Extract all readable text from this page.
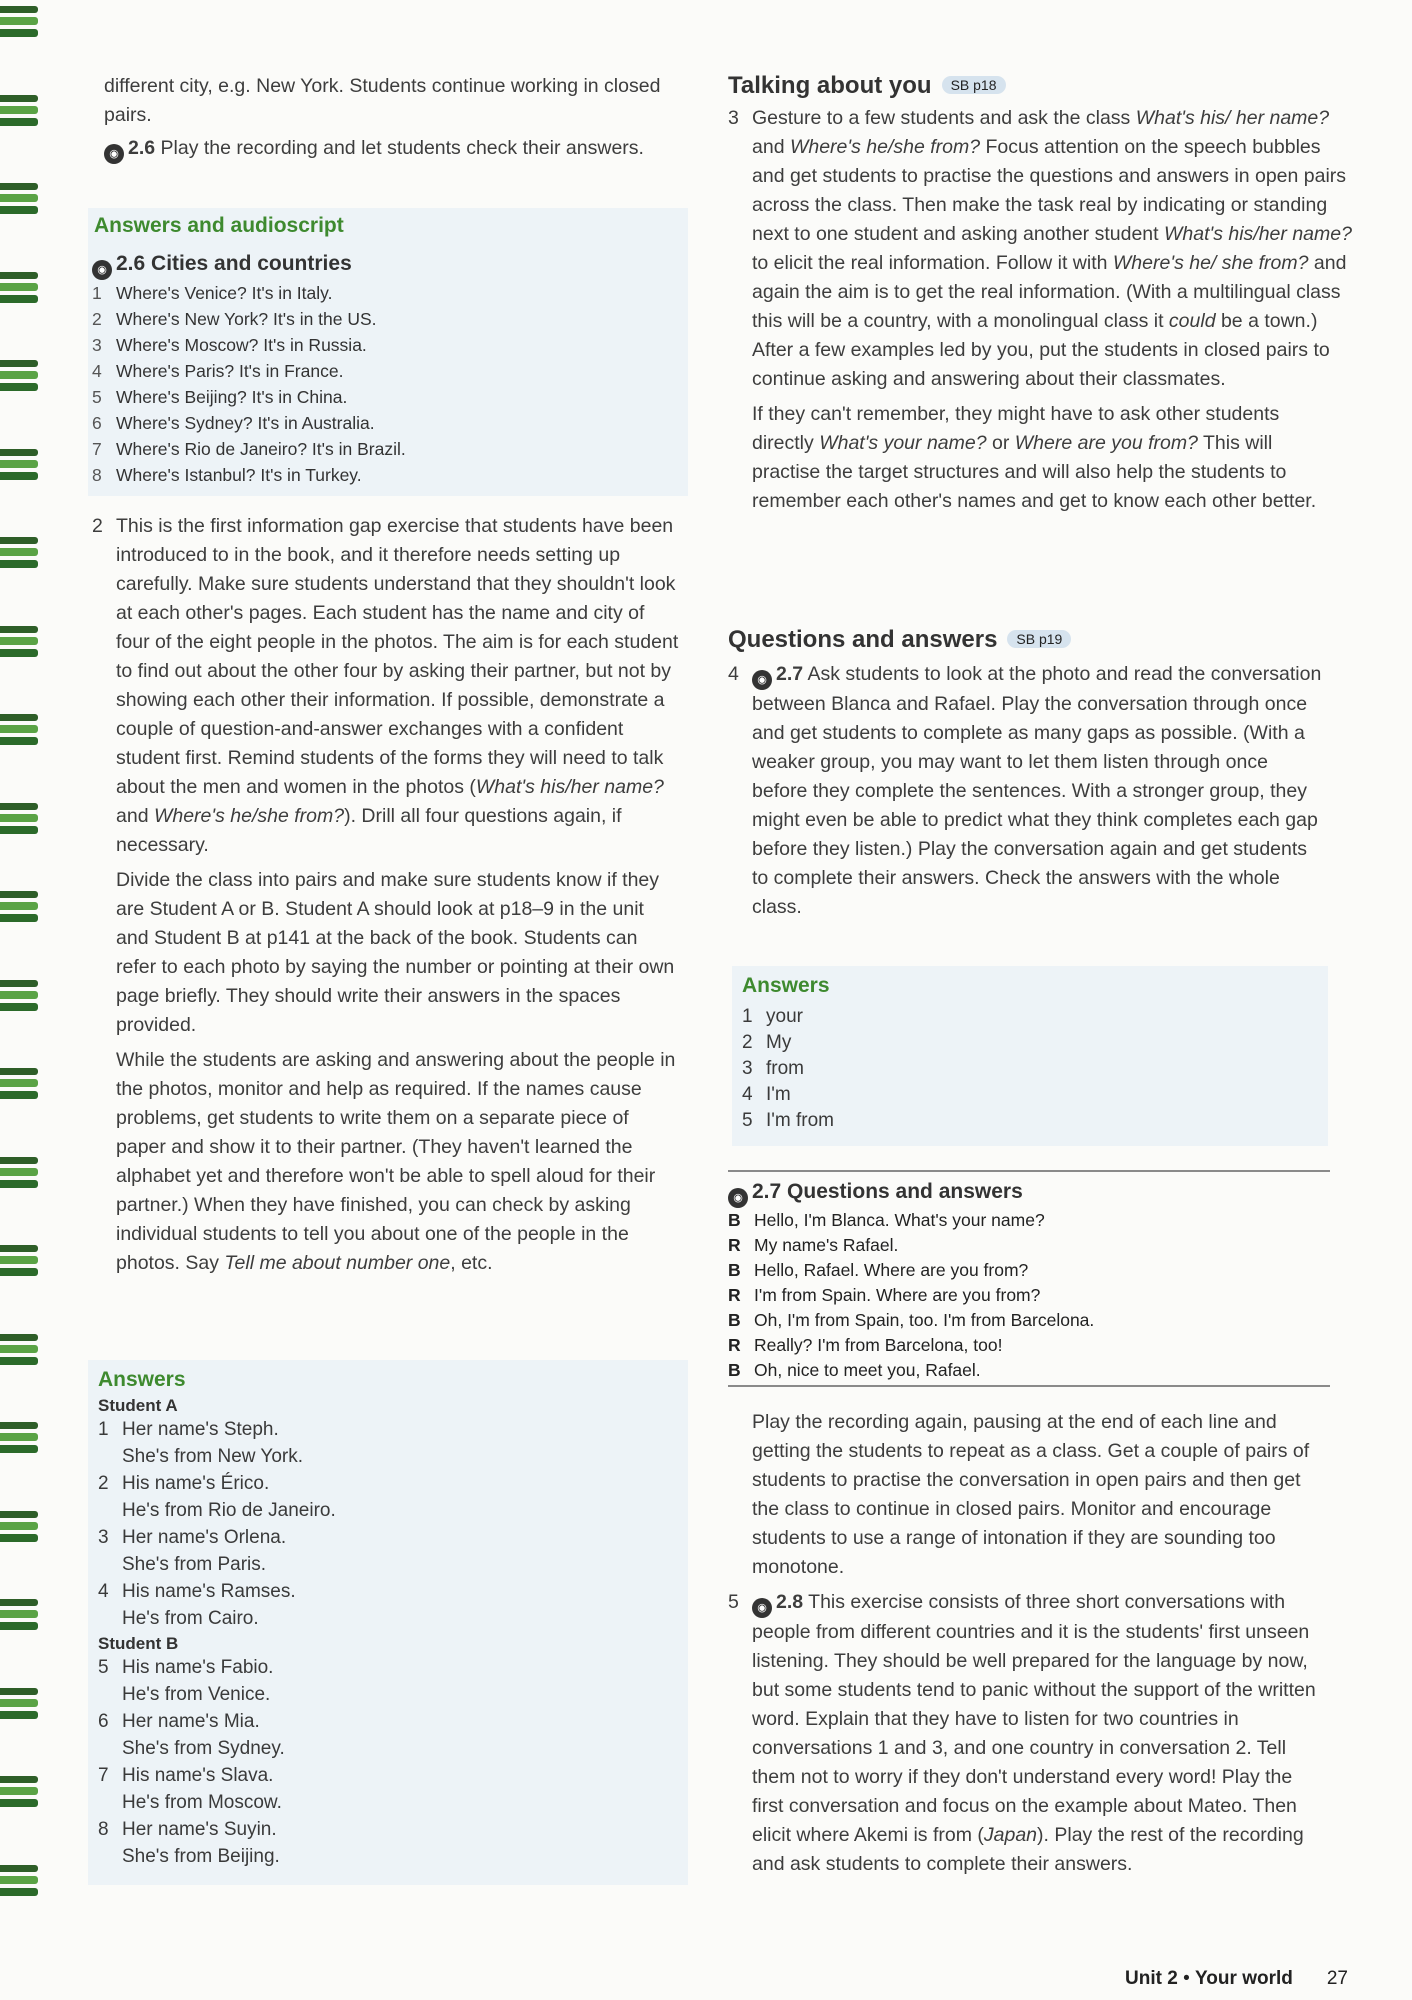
different city, e.g. New York. Students continue working in closed pairs.

◉ 2.6 Play the recording and let students check their answers.

Answers and audioscript
◉ 2.6 Cities and countries
1 Where's Venice? It's in Italy.
2 Where's New York? It's in the US.
3 Where's Moscow? It's in Russia.
4 Where's Paris? It's in France.
5 Where's Beijing? It's in China.
6 Where's Sydney? It's in Australia.
7 Where's Rio de Janeiro? It's in Brazil.
8 Where's Istanbul? It's in Turkey.

2 This is the first information gap exercise that students have been introduced to in the book, and it therefore needs setting up carefully. Make sure students understand that they shouldn't look at each other's pages. Each student has the name and city of four of the eight people in the photos. The aim is for each student to find out about the other four by asking their partner, but not by showing each other their information. If possible, demonstrate a couple of question-and-answer exchanges with a confident student first. Remind students of the forms they will need to talk about the men and women in the photos (What's his/her name? and Where's he/she from?). Drill all four questions again, if necessary.

Divide the class into pairs and make sure students know if they are Student A or B. Student A should look at p18–9 in the unit and Student B at p141 at the back of the book. Students can refer to each photo by saying the number or pointing at their own page briefly. They should write their answers in the spaces provided.

While the students are asking and answering about the people in the photos, monitor and help as required. If the names cause problems, get students to write them on a separate piece of paper and show it to their partner. (They haven't learned the alphabet yet and therefore won't be able to spell aloud for their partner.) When they have finished, you can check by asking individual students to tell you about one of the people in the photos. Say Tell me about number one, etc.

Answers
Student A
1 Her name's Steph.
She's from New York.
2 His name's Érico.
He's from Rio de Janeiro.
3 Her name's Orlena.
She's from Paris.
4 His name's Ramses.
He's from Cairo.
Student B
5 His name's Fabio.
He's from Venice.
6 Her name's Mia.
She's from Sydney.
7 His name's Slava.
He's from Moscow.
8 Her name's Suyin.
She's from Beijing.
Talking about you SB p18

3 Gesture to a few students and ask the class What's his/ her name? and Where's he/she from? Focus attention on the speech bubbles and get students to practise the questions and answers in open pairs across the class. Then make the task real by indicating or standing next to one student and asking another student What's his/her name? to elicit the real information. Follow it with Where's he/ she from? and again the aim is to get the real information. (With a multilingual class this will be a country, with a monolingual class it could be a town.) After a few examples led by you, put the students in closed pairs to continue asking and answering about their classmates.

If they can't remember, they might have to ask other students directly What's your name? or Where are you from? This will practise the target structures and will also help the students to remember each other's names and get to know each other better.

Questions and answers SB p19

4 ◉ 2.7 Ask students to look at the photo and read the conversation between Blanca and Rafael. Play the conversation through once and get students to complete as many gaps as possible. (With a weaker group, you may want to let them listen through once before they complete the sentences. With a stronger group, they might even be able to predict what they think completes each gap before they listen.) Play the conversation again and get students to complete their answers. Check the answers with the whole class.

Answers
1 your
2 My
3 from
4 I'm
5 I'm from
◉ 2.7 Questions and answers
B Hello, I'm Blanca. What's your name?
R My name's Rafael.
B Hello, Rafael. Where are you from?
R I'm from Spain. Where are you from?
B Oh, I'm from Spain, too. I'm from Barcelona.
R Really? I'm from Barcelona, too!
B Oh, nice to meet you, Rafael.

Play the recording again, pausing at the end of each line and getting the students to repeat as a class. Get a couple of pairs of students to practise the conversation in open pairs and then get the class to continue in closed pairs. Monitor and encourage students to use a range of intonation if they are sounding too monotone.

5 ◉ 2.8 This exercise consists of three short conversations with people from different countries and it is the students' first unseen listening. They should be well prepared for the language by now, but some students tend to panic without the support of the written word. Explain that they have to listen for two countries in conversations 1 and 3, and one country in conversation 2. Tell them not to worry if they don't understand every word! Play the first conversation and focus on the example about Mateo. Then elicit where Akemi is from (Japan). Play the rest of the recording and ask students to complete their answers.

Unit 2 • Your world 27
